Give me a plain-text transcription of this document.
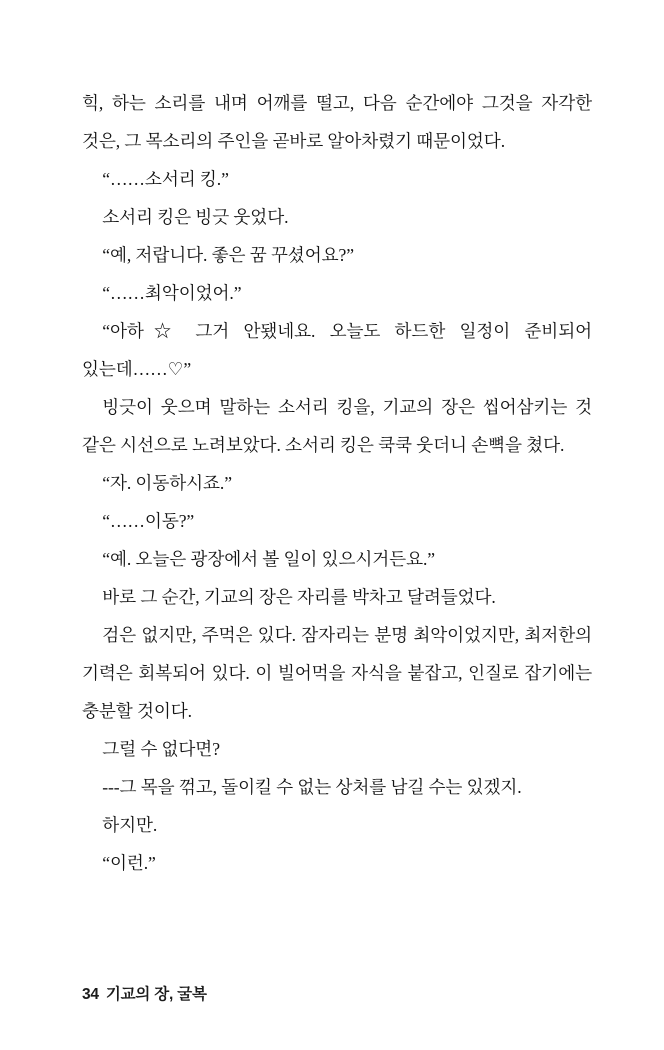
힉, 하는 소리를 내며 어깨를 떨고, 다음 순간에야 그것을 자각한 것은, 그 목소리의 주인을 곧바로 알아차렸기 때문이었다.

“……소서리 킹.”

소서리 킹은 빙긋 웃었다.

“예, 저랍니다. 좋은 꿈 꾸셨어요?”

“……최악이었어.”

“아하☆ 그거 안됐네요. 오늘도 하드한 일정이 준비되어 있는데……♡”

빙긋이 웃으며 말하는 소서리 킹을, 기교의 장은 씹어삼키는 것 같은 시선으로 노려보았다. 소서리 킹은 쿡쿡 웃더니 손뼉을 쳤다.

“자. 이동하시죠.”

“……이동?”

“예. 오늘은 광장에서 볼 일이 있으시거든요.”

바로 그 순간, 기교의 장은 자리를 박차고 달려들었다.

검은 없지만, 주먹은 있다. 잠자리는 분명 최악이었지만, 최저한의 기력은 회복되어 있다. 이 빌어먹을 자식을 붙잡고, 인질로 잡기에는 충분할 것이다.

그럴 수 없다면?

---그 목을 꺾고, 돌이킬 수 없는 상처를 남길 수는 있겠지.

하지만.

“이런.”

34 기교의 장, 굴복
